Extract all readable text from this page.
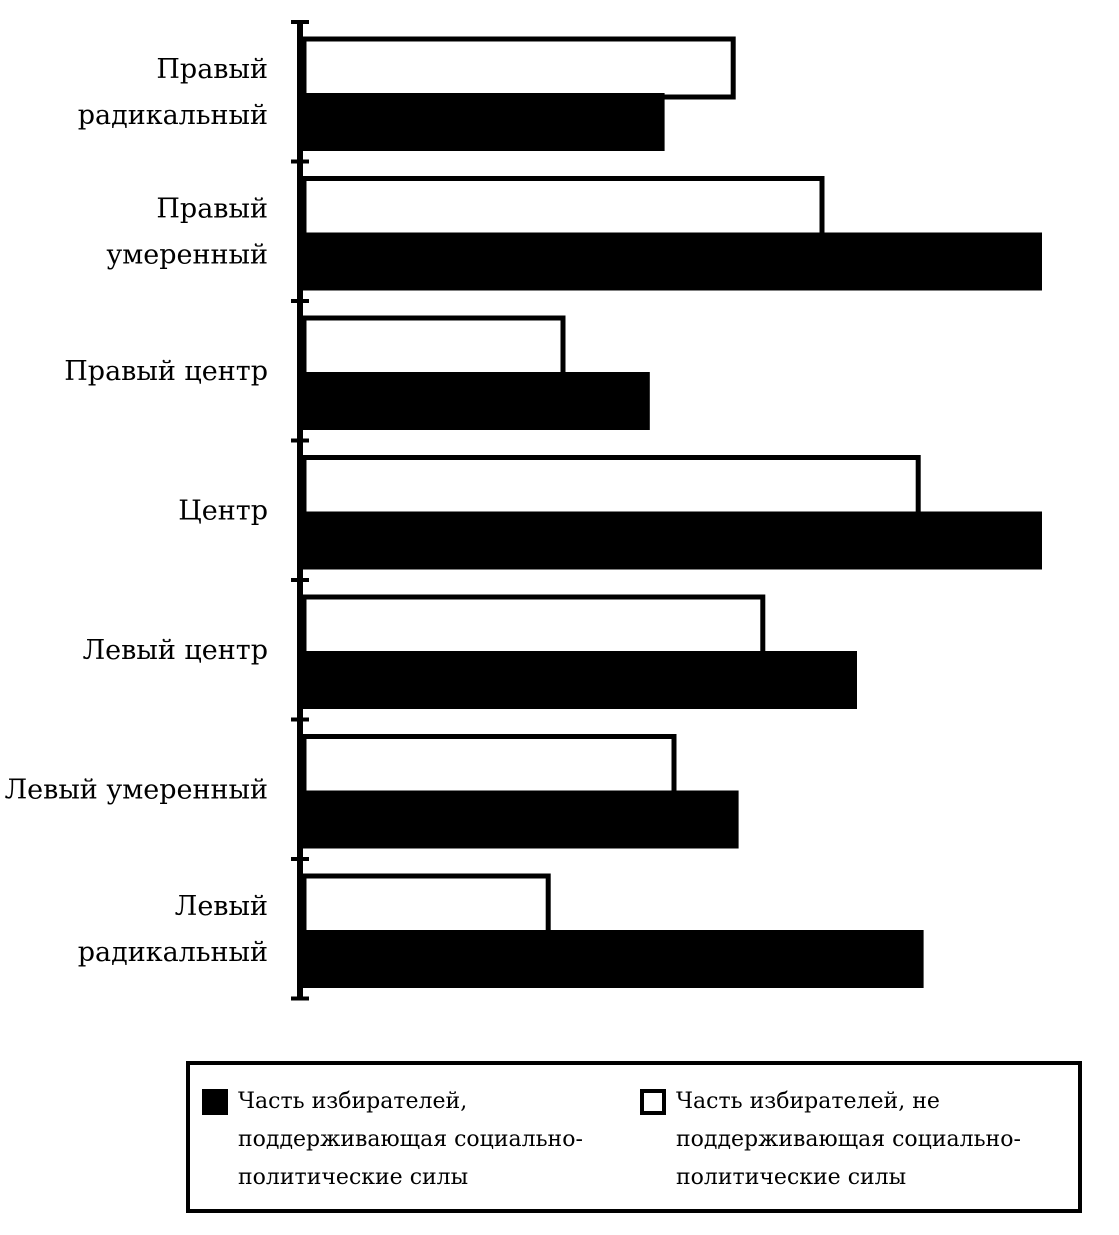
Правый
радикальный
Правый
умеренный
Правый центр
Центр
Левый центр
Левый умеренный
Левый
радикальный
Часть избирателей,
поддерживающая социально-
политические силы
Часть избирателей, не
поддерживающая социально-
политические силы
